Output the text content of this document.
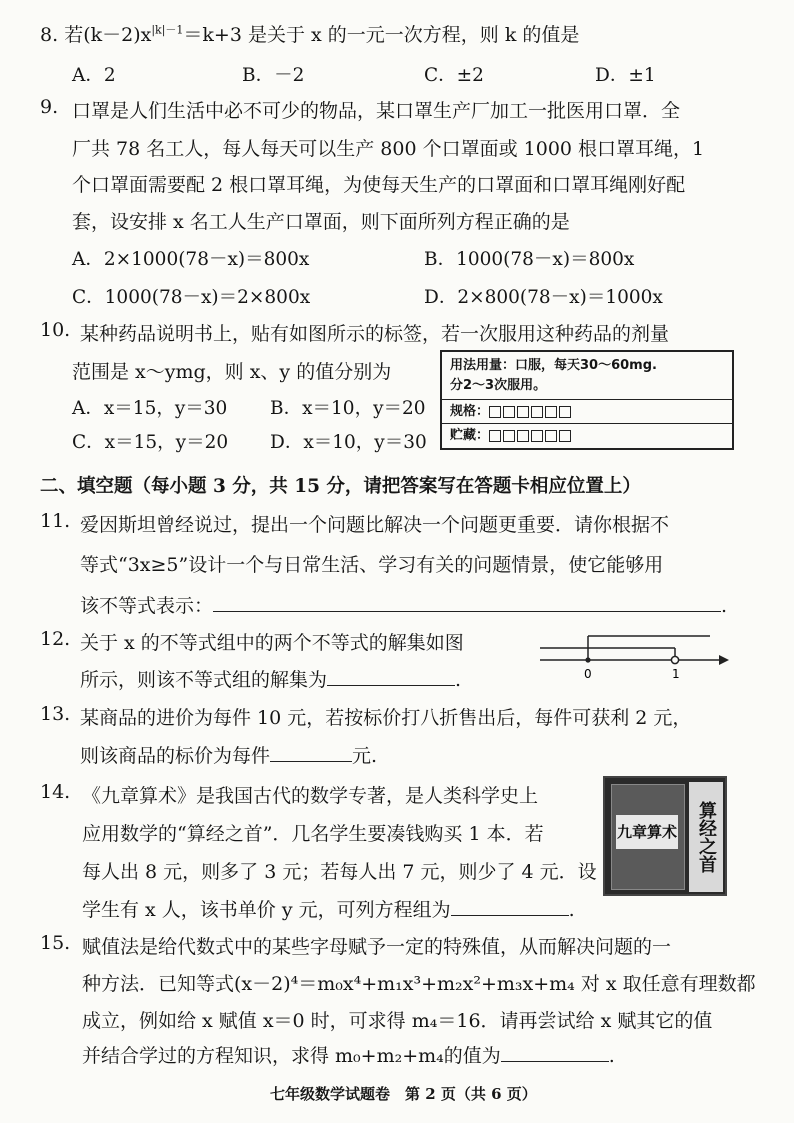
8. 若$(k-2)x^{|k|-1}=k+3$ 是关于 x 的一元一次方程，则 k 的值是
A．2	B．－2	C．±2	D．±1
9. 口罩是人们生活中必不可少的物品，某口罩生产厂加工一批医用口罩．全
厂共 78 名工人，每人每天可以生产 800 个口罩面或 1000 根口罩耳绳，1
个口罩面需要配 2 根口罩耳绳，为使每天生产的口罩面和口罩耳绳刚好配
套，设安排 x 名工人生产口罩面，则下面所列方程正确的是
A．2×1000(78－x)＝800x	B．1000(78－x)＝800x
C．1000(78－x)＝2×800x	D．2×800(78－x)＝1000x
10. 某种药品说明书上，贴有如图所示的标签，若一次服用这种药品的剂量
范围是 x～ymg，则 x、y 的值分别为
A．x＝15，y＝30 B．x＝10，y＝20
C．x＝15，y＝20 D．x＝10，y＝30
用法用量：口服，每天30～60mg.
分2～3次服用。
规格：
贮藏：
二、填空题（每小题 3 分，共 15 分，请把答案写在答题卡相应位置上）
11. 爱因斯坦曾经说过，提出一个问题比解决一个问题更重要．请你根据不
等式“3x≥5”设计一个与日常生活、学习有关的问题情景，使它能够用
该不等式表示：	.
12. 关于 x 的不等式组中的两个不等式的解集如图
所示，则该不等式组的解集为	.	0	1
13. 某商品的进价为每件 10 元，若按标价打八折售出后，每件可获利 2 元，
则该商品的标价为每件	元.
14. 《九章算术》是我国古代的数学专著，是人类科学史上
应用数学的“算经之首”．几名学生要凑钱购买 1 本．若
每人出 8 元，则多了 3 元；若每人出 7 元，则少了 4 元．设
学生有 x 人，该书单价 y 元，可列方程组为	.
九章算术	算经之首
15. 赋值法是给代数式中的某些字母赋予一定的特殊值，从而解决问题的一
种方法．已知等式(x－2)⁴＝m₀x⁴+m₁x³+m₂x²+m₃x+m₄ 对 x 取任意有理数都
成立，例如给 x 赋值 x＝0 时，可求得 m₄＝16．请再尝试给 x 赋其它的值
并结合学过的方程知识，求得 m₀+m₂+m₄的值为	.
七年级数学试题卷　第 2 页（共 6 页）
